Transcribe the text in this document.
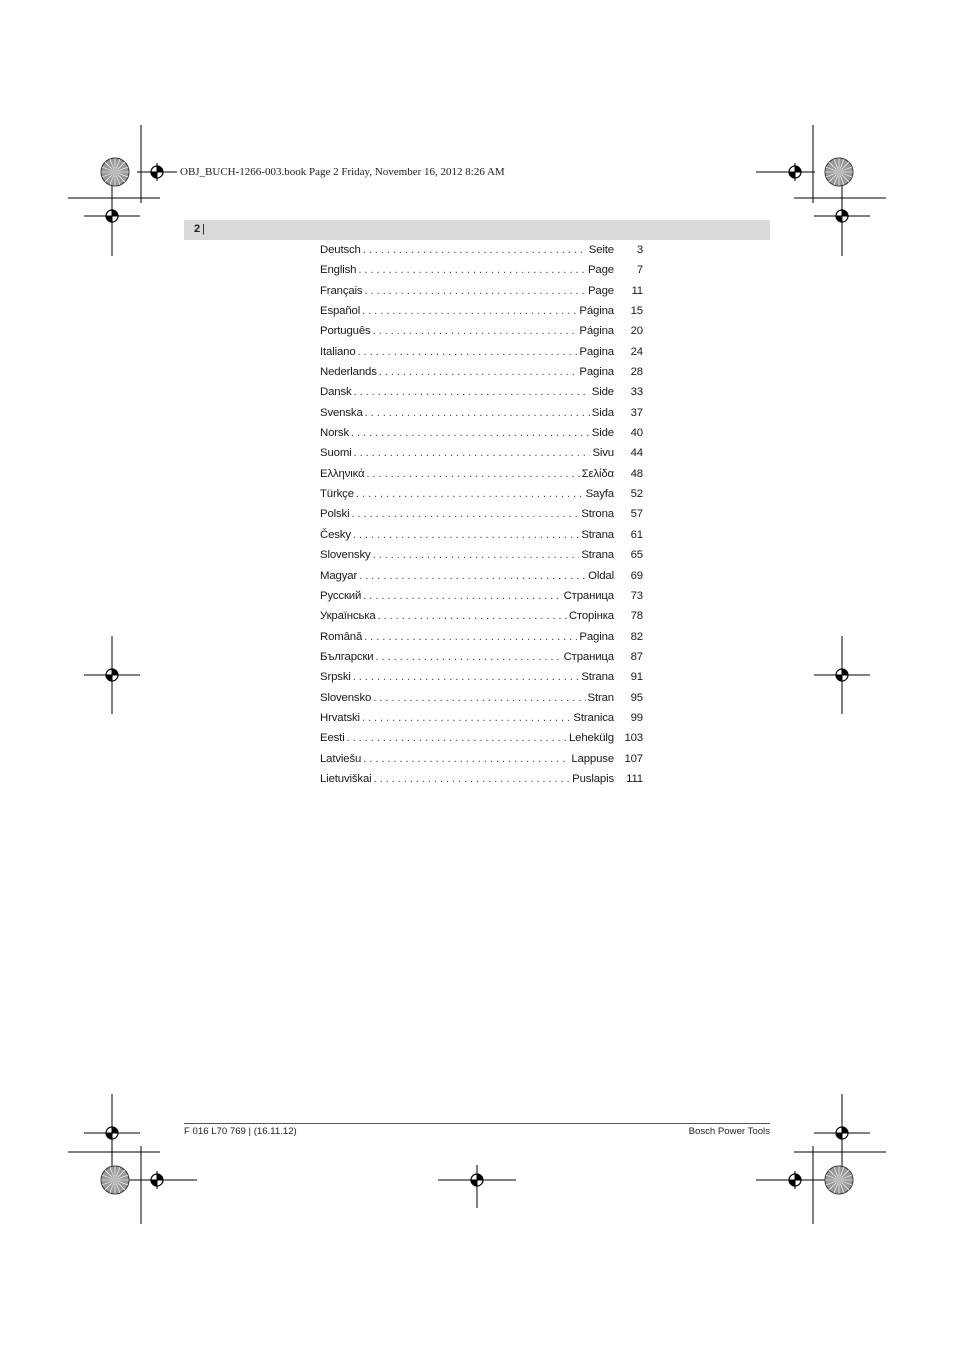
OBJ_BUCH-1266-003.book Page 2 Friday, November 16, 2012 8:26 AM
2 |
Deutsch . . .	Seite	3
English . . .	Page	7
Français . . .	Page	11
Español . . .	Página	15
Português . . .	Página	20
Italiano . . .	Pagina	24
Nederlands . . .	Pagina	28
Dansk . . .	Side	33
Svenska . . .	Sida	37
Norsk . . .	Side	40
Suomi . . .	Sivu	44
Ελληνικά . . .	Σελίδα	48
Türkçe . . .	Sayfa	52
Polski . . .	Strona	57
Česky . . .	Strana	61
Slovensky . . .	Strana	65
Magyar . . .	Oldal	69
Русский . . .	Страница	73
Українська . . .	Сторінка	78
Română . . .	Pagina	82
Български . . .	Страница	87
Srpski . . .	Strana	91
Slovensko . . .	Stran	95
Hrvatski . . .	Stranica	99
Eesti . . .	Lehekülg 103
Latviešu . . .	Lappuse 107
Lietuviškai . . .	Puslapis	111
F 016 L70 769 | (16.11.12)	Bosch Power Tools
